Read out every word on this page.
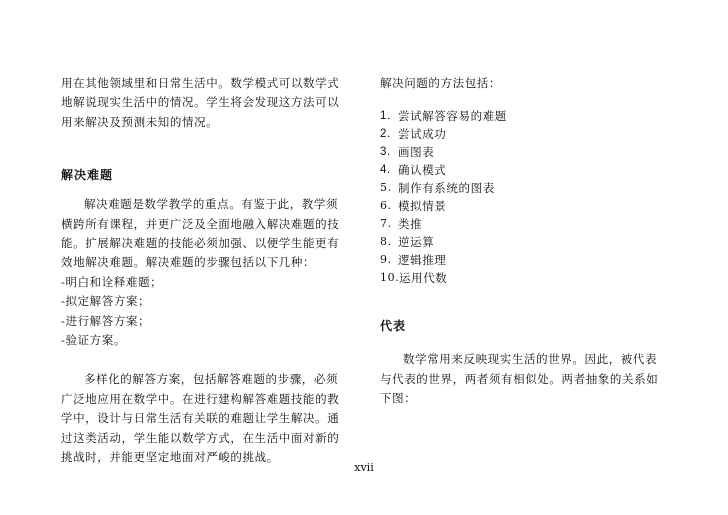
用在其他领域里和日常生活中。数学模式可以数学式

地解说现实生活中的情况。学生将会发现这方法可以

用来解决及预测未知的情况。

解决难题

解决难题是数学教学的重点。有鉴于此，教学须

横跨所有课程，并更广泛及全面地融入解决难题的技

能。扩展解决难题的技能必须加强、以便学生能更有

效地解决难题。解决难题的步骤包括以下几种：

-明白和诠释难题；

-拟定解答方案；

-进行解答方案；

-验证方案。

多样化的解答方案，包括解答难题的步骤，必须

广泛地应用在数学中。在进行建构解答难题技能的教

学中，设计与日常生活有关联的难题让学生解决。通

过这类活动，学生能以数学方式，在生活中面对新的

挑战时，并能更坚定地面对严峻的挑战。

解决问题的方法包括：

1. 尝试解答容易的难题
2. 尝试成功
3. 画图表
4. 确认模式
5. 制作有系统的图表
6. 模拟情景
7. 类推
8. 逆运算
9. 逻辑推理
10. 运用代数

代表

数学常用来反映现实生活的世界。因此，被代表

与代表的世界，两者须有相似处。两者抽象的关系如

下图：

xvii
